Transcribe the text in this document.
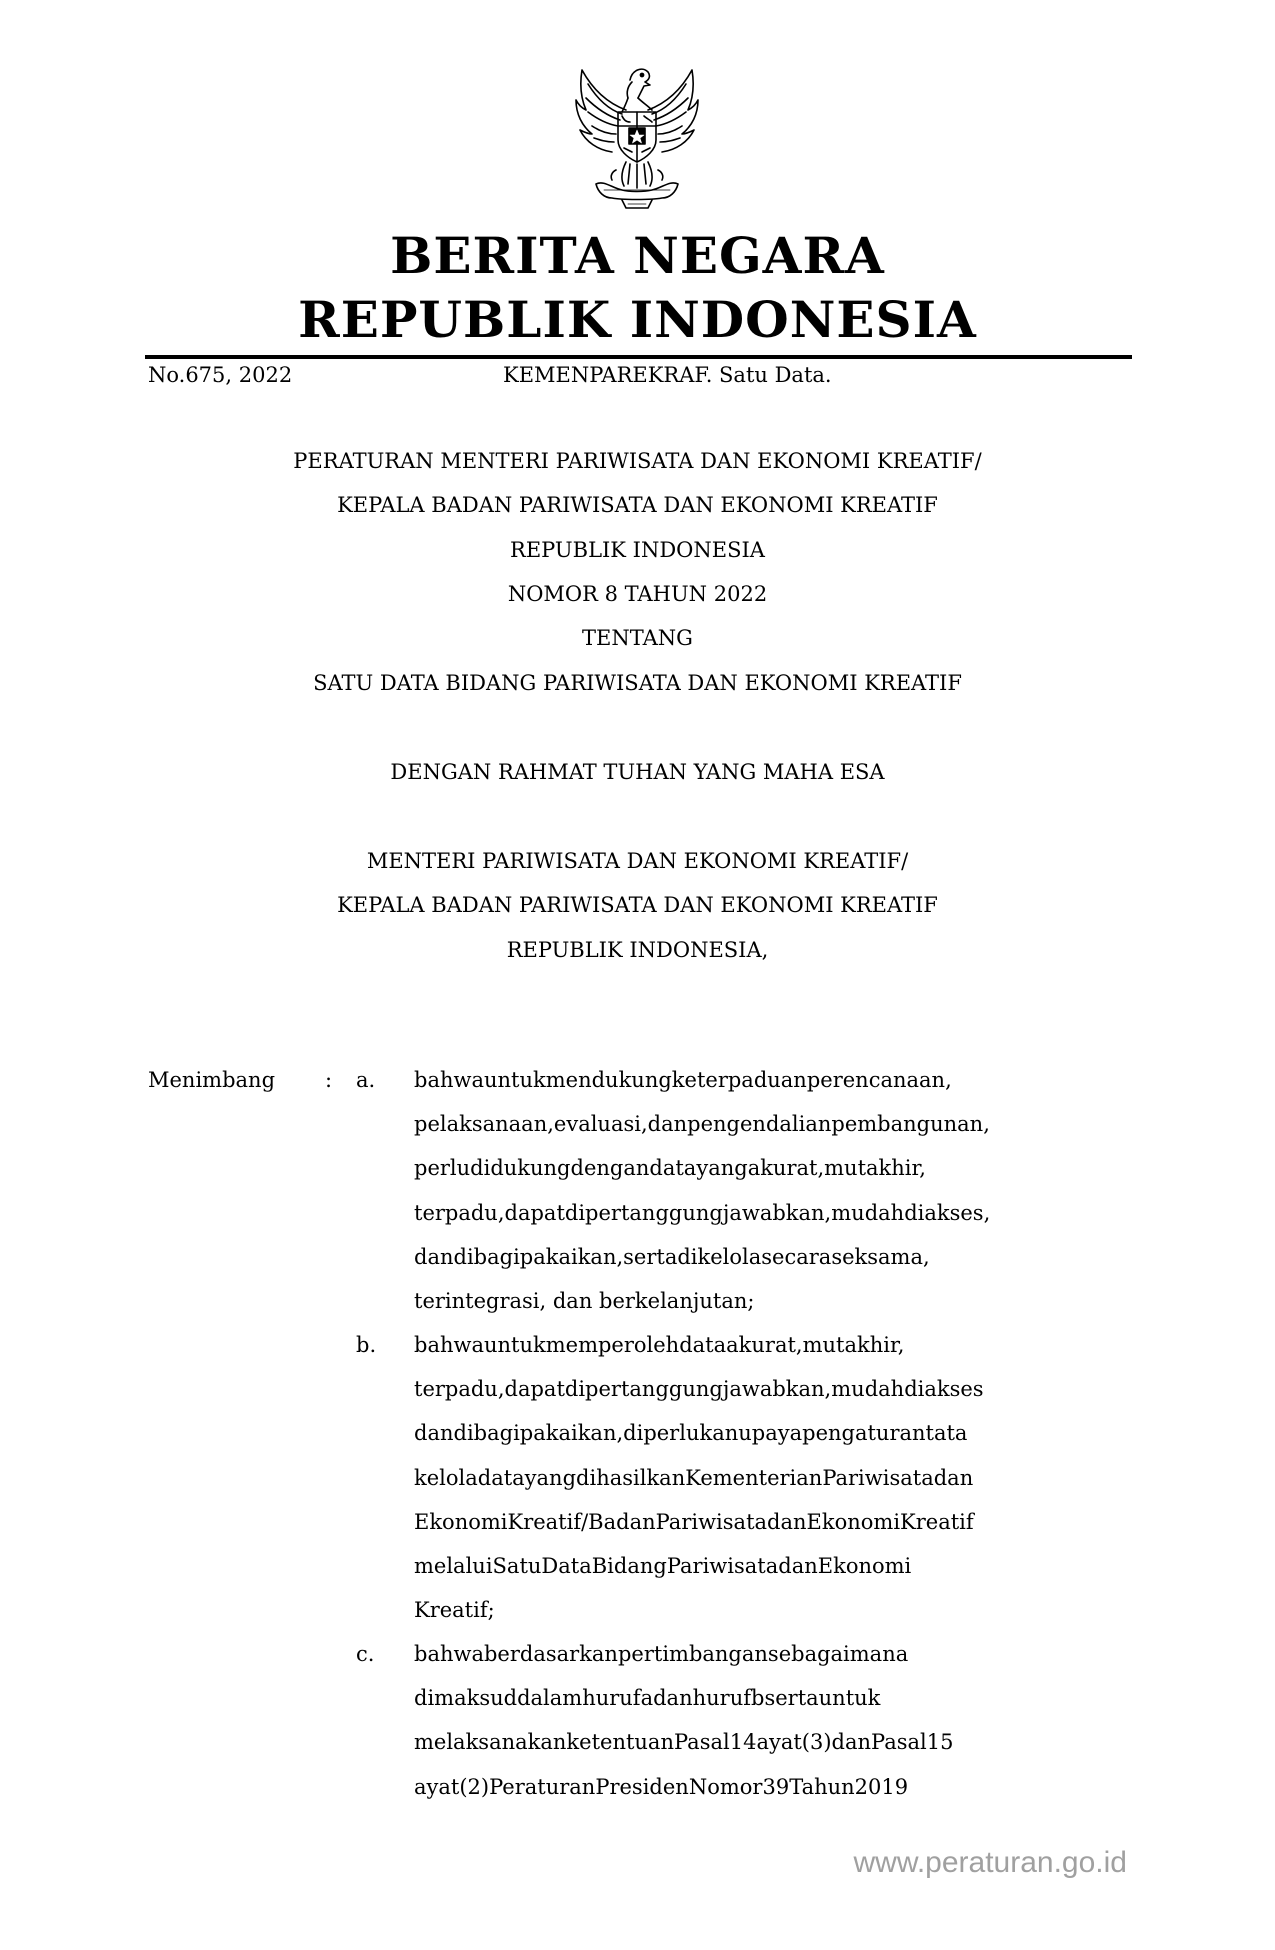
BERITA NEGARA
REPUBLIK INDONESIA
No.675, 2022	KEMENPAREKRAF. Satu Data.
PERATURAN MENTERI PARIWISATA DAN EKONOMI KREATIF/
KEPALA BADAN PARIWISATA DAN EKONOMI KREATIF
REPUBLIK INDONESIA
NOMOR 8 TAHUN 2022
TENTANG
SATU DATA BIDANG PARIWISATA DAN EKONOMI KREATIF
DENGAN RAHMAT TUHAN YANG MAHA ESA
MENTERI PARIWISATA DAN EKONOMI KREATIF/
KEPALA BADAN PARIWISATA DAN EKONOMI KREATIF
REPUBLIK INDONESIA,
Menimbang : a. bahwauntukmendukungketerpaduanperencanaan,
pelaksanaan,evaluasi,danpengendalianpembangunan,
perludidukungdengandatayangakurat,mutakhir,
terpadu,dapatdipertanggungjawabkan,mudahdiakses,
dandibagipakaikan,sertadikelolasecaraseksama,
terintegrasi, dan berkelanjutan;
b. bahwauntukmemperolehdataakurat,mutakhir,
terpadu,dapatdipertanggungjawabkan,mudahdiakses
dandibagipakaikan,diperlukanupayapengaturantata
keloladatayangdihasilkanKementerianPariwisatadan
EkonomiKreatif/BadanPariwisatadanEkonomiKreatif
melaluiSatuDataBidangPariwisatadanEkonomi
Kreatif;
c. bahwaberdasarkanpertimbangansebagaimana
dimaksuddalamhurufadanhurufbsertauntuk
melaksanakanketentuanPasal14ayat(3)danPasal15
ayat(2)PeraturanPresidenNomor39Tahun2019
www.peraturan.go.id
